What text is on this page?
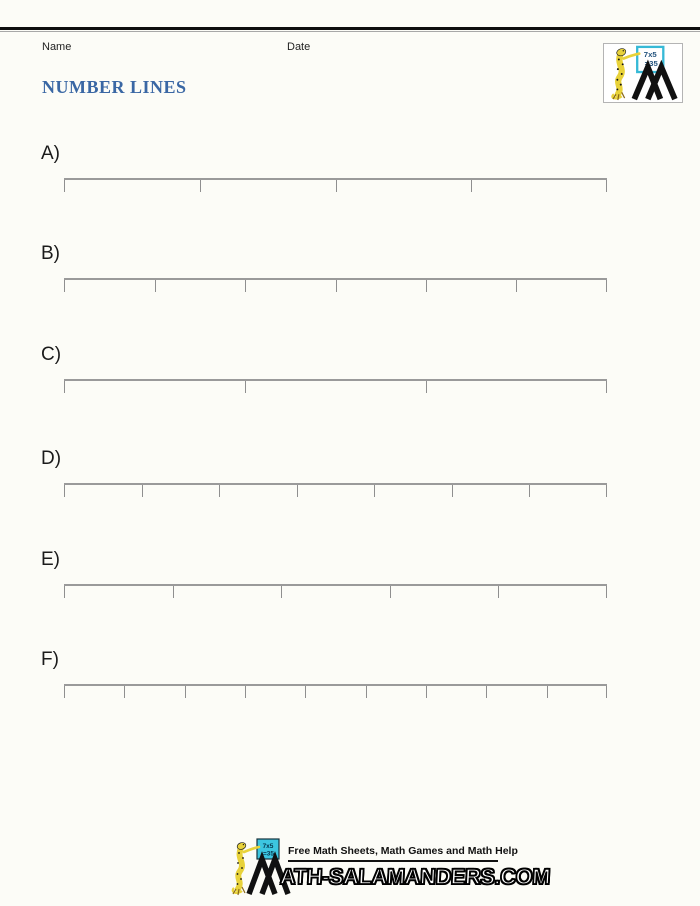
Name	Date
7x5
=35
NUMBER LINES
A)
B)
C)
D)
E)
F)
7x5
=35 Free Math Sheets, Math Games and Math Help
ATH-SALAMANDERS.COM
